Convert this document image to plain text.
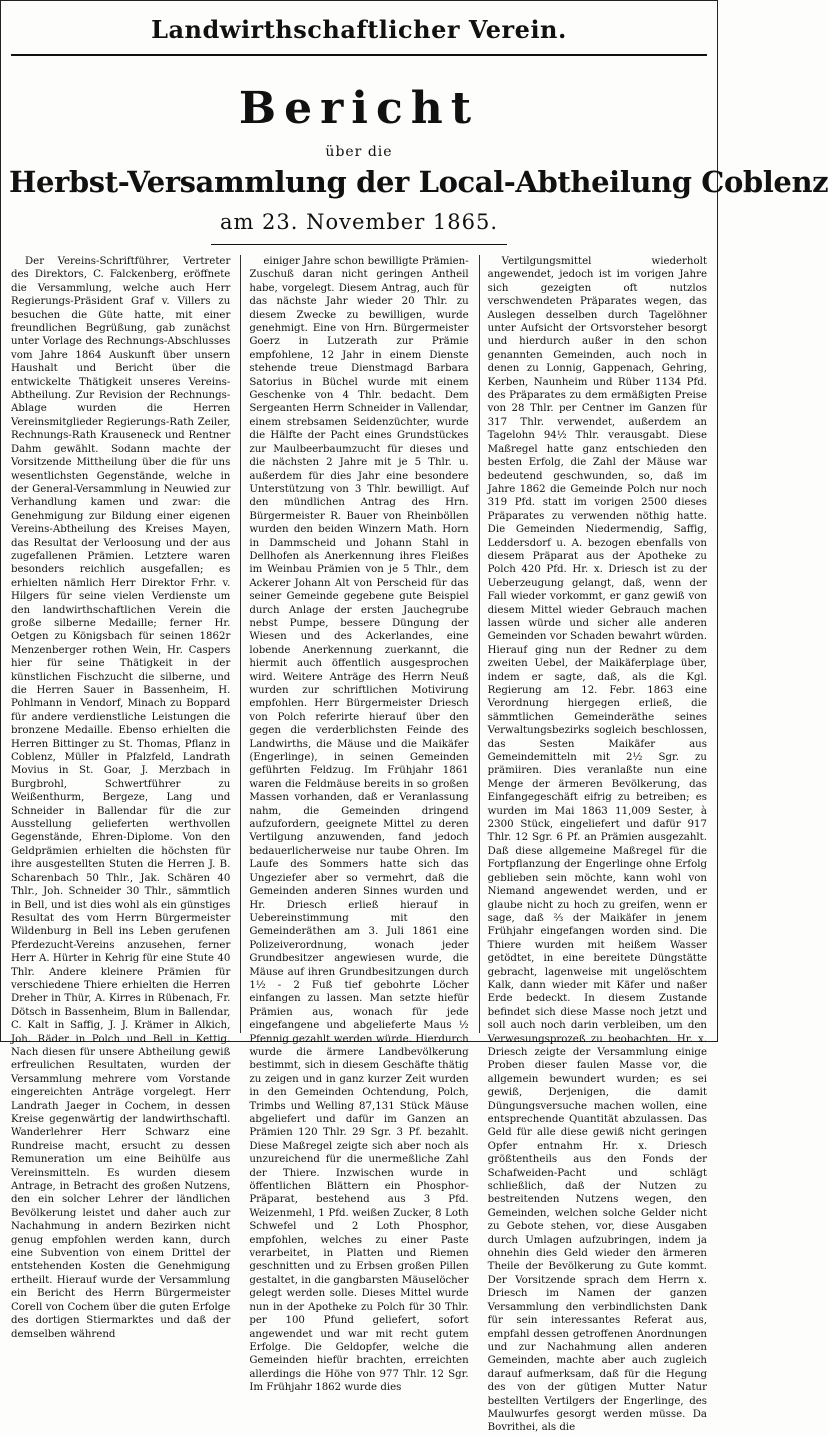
Landwirthschaftlicher Verein.
Bericht
über die
Herbst-Versammlung der Local-Abtheilung Coblenz
am 23. November 1865.

Der Vereins-Schriftführer, Vertreter des Direktors, C. Falckenberg, eröffnete die Versammlung, welche auch Herr Regierungs-Präsident Graf v. Villers zu besuchen die Güte hatte, mit einer freundlichen Begrüßung, gab zunächst unter Vorlage des Rechnungs-Abschlusses vom Jahre 1864 Auskunft über unsern Haushalt und Bericht über die entwickelte Thätigkeit unseres Vereins-Abtheilung. Zur Revision der Rechnungs-Ablage wurden die Herren Vereinsmitglieder Regierungs-Rath Zeiler, Rechnungs-Rath Krauseneck und Rentner Dahm gewählt. Sodann machte der Vorsitzende Mittheilung über die für uns wesentlichsten Gegenstände, welche in der General-Versammlung in Neuwied zur Verhandlung kamen und zwar: die Genehmigung zur Bildung einer eigenen Vereins-Abtheilung des Kreises Mayen, das Resultat der Verloosung und der aus zugefallenen Prämien. Letztere waren besonders reichlich ausgefallen; es erhielten nämlich Herr Direktor Frhr. v. Hilgers für seine vielen Verdienste um den landwirthschaftlichen Verein die große silberne Medaille; ferner Hr. Oetgen zu Königsbach für seinen 1862r Menzenberger rothen Wein, Hr. Caspers hier für seine Thätigkeit in der künstlichen Fischzucht die silberne, und die Herren Sauer in Bassenheim, H. Pohlmann in Vendorf, Minach zu Boppard für andere verdienstliche Leistungen die bronzene Medaille. Ebenso erhielten die Herren Bittinger zu St. Thomas, Pflanz in Coblenz, Müller in Pfalzfeld, Landrath Movius in St. Goar, J. Merzbach in Burgbrohl, Schwertführer zu Weißenthurm, Bergeze, Lang und Schneider in Ballendar für die zur Ausstellung gelieferten werthvollen Gegenstände, Ehren-Diplome. Von den Geldprämien erhielten die höchsten für ihre ausgestellten Stuten die Herren J. B. Scharenbach 50 Thlr., Jak. Schären 40 Thlr., Joh. Schneider 30 Thlr., sämmtlich in Bell, und ist dies wohl als ein günstiges Resultat des vom Herrn Bürgermeister Wildenburg in Bell ins Leben gerufenen Pferdezucht-Vereins anzusehen, ferner Herr A. Hürter in Kehrig für eine Stute 40 Thlr. Andere kleinere Prämien für verschiedene Thiere erhielten die Herren Dreher in Thür, A. Kirres in Rübenach, Fr. Dötsch in Bassenheim, Blum in Ballendar, C. Kalt in Saffig, J. J. Krämer in Alkich, Joh. Räder in Polch und Bell in Kettig. Nach diesen für unsere Abtheilung gewiß erfreulichen Resultaten, wurden der Versammlung mehrere vom Vorstande eingereichten Anträge vorgelegt. Herr Landrath Jaeger in Cochem, in dessen Kreise gegenwärtig der landwirthschaftl. Wanderlehrer Herr Schwarz eine Rundreise macht, ersucht zu dessen Remuneration um eine Beihülfe aus Vereinsmitteln. Es wurden diesem Antrage, in Betracht des großen Nutzens, den ein solcher Lehrer der ländlichen Bevölkerung leistet und daher auch zur Nachahmung in andern Bezirken nicht genug empfohlen werden kann, durch eine Subvention von einem Drittel der entstehenden Kosten die Genehmigung ertheilt. Hierauf wurde der Versammlung ein Bericht des Herrn Bürgermeister Corell von Cochem über die guten Erfolge des dortigen Stiermarktes und daß der demselben während

einiger Jahre schon bewilligte Prämien-Zuschuß daran nicht geringen Antheil habe, vorgelegt. Diesem Antrag, auch für das nächste Jahr wieder 20 Thlr. zu diesem Zwecke zu bewilligen, wurde genehmigt. Eine von Hrn. Bürgermeister Goerz in Lutzerath zur Prämie empfohlene, 12 Jahr in einem Dienste stehende treue Dienstmagd Barbara Satorius in Büchel wurde mit einem Geschenke von 4 Thlr. bedacht. Dem Sergeanten Herrn Schneider in Vallendar, einem strebsamen Seidenzüchter, wurde die Hälfte der Pacht eines Grundstückes zur Maulbeerbaumzucht für dieses und die nächsten 2 Jahre mit je 5 Thlr. u. außerdem für dies Jahr eine besondere Unterstützung von 3 Thlr. bewilligt. Auf den mündlichen Antrag des Hrn. Bürgermeister R. Bauer von Rheinböllen wurden den beiden Winzern Math. Horn in Dammscheid und Johann Stahl in Dellhofen als Anerkennung ihres Fleißes im Weinbau Prämien von je 5 Thlr., dem Ackerer Johann Alt von Perscheid für das seiner Gemeinde gegebene gute Beispiel durch Anlage der ersten Jauchegrube nebst Pumpe, bessere Düngung der Wiesen und des Ackerlandes, eine lobende Anerkennung zuerkannt, die hiermit auch öffentlich ausgesprochen wird. Weitere Anträge des Herrn Neuß wurden zur schriftlichen Motivirung empfohlen. Herr Bürgermeister Driesch von Polch referirte hierauf über den gegen die verderblichsten Feinde des Landwirths, die Mäuse und die Maikäfer (Engerlinge), in seinen Gemeinden geführten Feldzug. Im Frühjahr 1861 waren die Feldmäuse bereits in so großen Massen vorhanden, daß er Veranlassung nahm, die Gemeinden dringend aufzufordern, geeignete Mittel zu deren Vertilgung anzuwenden, fand jedoch bedauerlicherweise nur taube Ohren. Im Laufe des Sommers hatte sich das Ungeziefer aber so vermehrt, daß die Gemeinden anderen Sinnes wurden und Hr. Driesch erließ hierauf in Uebereinstimmung mit den Gemeinderäthen am 3. Juli 1861 eine Polizeiverordnung, wonach jeder Grundbesitzer angewiesen wurde, die Mäuse auf ihren Grundbesitzungen durch 1½ - 2 Fuß tief gebohrte Löcher einfangen zu lassen. Man setzte hiefür Prämien aus, wonach für jede eingefangene und abgelieferte Maus ½ Pfennig gezahlt werden würde. Hierdurch wurde die ärmere Landbevölkerung bestimmt, sich in diesem Geschäfte thätig zu zeigen und in ganz kurzer Zeit wurden in den Gemeinden Ochtendung, Polch, Trimbs und Welling 87,131 Stück Mäuse abgeliefert und dafür im Ganzen an Prämien 120 Thlr. 29 Sgr. 3 Pf. bezahlt. Diese Maßregel zeigte sich aber noch als unzureichend für die unermeßliche Zahl der Thiere. Inzwischen wurde in öffentlichen Blättern ein Phosphor-Präparat, bestehend aus 3 Pfd. Weizenmehl, 1 Pfd. weißen Zucker, 8 Loth Schwefel und 2 Loth Phosphor, empfohlen, welches zu einer Paste verarbeitet, in Platten und Riemen geschnitten und zu Erbsen großen Pillen gestaltet, in die gangbarsten Mäuselöcher gelegt werden solle. Dieses Mittel wurde nun in der Apotheke zu Polch für 30 Thlr. per 100 Pfund geliefert, sofort angewendet und war mit recht gutem Erfolge. Die Geldopfer, welche die Gemeinden hiefür brachten, erreichten allerdings die Höhe von 977 Thlr. 12 Sgr. Im Frühjahr 1862 wurde dies

Vertilgungsmittel wiederholt angewendet, jedoch ist im vorigen Jahre sich gezeigten oft nutzlos verschwendeten Präparates wegen, das Auslegen desselben durch Tagelöhner unter Aufsicht der Ortsvorsteher besorgt und hierdurch außer in den schon genannten Gemeinden, auch noch in denen zu Lonnig, Gappenach, Gehring, Kerben, Naunheim und Rüber 1134 Pfd. des Präparates zu dem ermäßigten Preise von 28 Thlr. per Centner im Ganzen für 317 Thlr. verwendet, außerdem an Tagelohn 94½ Thlr. verausgabt. Diese Maßregel hatte ganz entschieden den besten Erfolg, die Zahl der Mäuse war bedeutend geschwunden, so, daß im Jahre 1862 die Gemeinde Polch nur noch 319 Pfd. statt im vorigen 2500 dieses Präparates zu verwenden nöthig hatte. Die Gemeinden Niedermendig, Saffig, Leddersdorf u. A. bezogen ebenfalls von diesem Präparat aus der Apotheke zu Polch 420 Pfd. Hr. x. Driesch ist zu der Ueberzeugung gelangt, daß, wenn der Fall wieder vorkommt, er ganz gewiß von diesem Mittel wieder Gebrauch machen lassen würde und sicher alle anderen Gemeinden vor Schaden bewahrt würden. Hierauf ging nun der Redner zu dem zweiten Uebel, der Maikäferplage über, indem er sagte, daß, als die Kgl. Regierung am 12. Febr. 1863 eine Verordnung hiergegen erließ, die sämmtlichen Gemeinderäthe seines Verwaltungsbezirks sogleich beschlossen, das Sesten Maikäfer aus Gemeindemitteln mit 2½ Sgr. zu prämiiren. Dies veranlaßte nun eine Menge der ärmeren Bevölkerung, das Einfangegeschäft eifrig zu betreiben; es wurden im Mai 1863 11,009 Sester, à 2300 Stück, eingeliefert und dafür 917 Thlr. 12 Sgr. 6 Pf. an Prämien ausgezahlt. Daß diese allgemeine Maßregel für die Fortpflanzung der Engerlinge ohne Erfolg geblieben sein möchte, kann wohl von Niemand angewendet werden, und er glaube nicht zu hoch zu greifen, wenn er sage, daß ⅔ der Maikäfer in jenem Frühjahr eingefangen worden sind. Die Thiere wurden mit heißem Wasser getödtet, in eine bereitete Düngstätte gebracht, lagenweise mit ungelöschtem Kalk, dann wieder mit Käfer und naßer Erde bedeckt. In diesem Zustande befindet sich diese Masse noch jetzt und soll auch noch darin verbleiben, um den Verwesungsprozeß zu beobachten. Hr. x. Driesch zeigte der Versammlung einige Proben dieser faulen Masse vor, die allgemein bewundert wurden; es sei gewiß, Derjenigen, die damit Düngungsversuche machen wollen, eine entsprechende Quantität abzulassen. Das Geld für alle diese gewiß nicht geringen Opfer entnahm Hr. x. Driesch größtentheils aus den Fonds der Schafweiden-Pacht und schlägt schließlich, daß der Nutzen zu bestreitenden Nutzens wegen, den Gemeinden, welchen solche Gelder nicht zu Gebote stehen, vor, diese Ausgaben durch Umlagen aufzubringen, indem ja ohnehin dies Geld wieder den ärmeren Theile der Bevölkerung zu Gute kommt. Der Vorsitzende sprach dem Herrn x. Driesch im Namen der ganzen Versammlung den verbindlichsten Dank für sein interessantes Referat aus, empfahl dessen getroffenen Anordnungen und zur Nachahmung allen anderen Gemeinden, machte aber auch zugleich darauf aufmerksam, daß für die Hegung des von der gütigen Mutter Natur bestellten Vertilgers der Engerlinge, des Maulwurfes gesorgt werden müsse. Da Bovrithei, als die
